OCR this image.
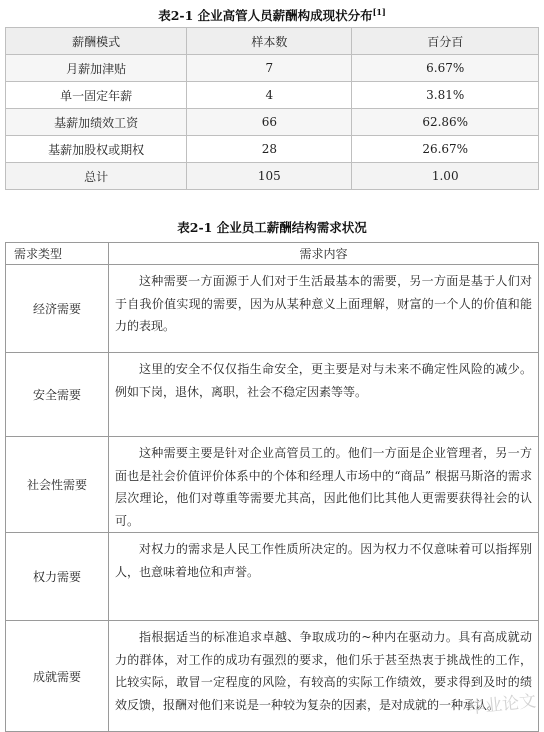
表2-1 企业高管人员薪酬构成现状分布[1]
薪酬模式	样本数	百分百
月薪加津贴	7	6.67%
单一固定年薪	4	3.81%
基薪加绩效工资	66	62.86%
基薪加股权或期权	28	26.67%
总计	105	1.00
表2-1 企业员工薪酬结构需求状况
需求类型	需求内容
经济需要	这种需要一方面源于人们对于生活最基本的需要，另一方面是基于人们对于自我价值实现的需要，因为从某种意义上面理解，财富的一个人的价值和能力的表现。

安全需要	这里的安全不仅仅指生命安全，更主要是对与未来不确定性风险的减少。例如下岗，退休，离职，社会不稳定因素等等。

社会性需要	这种需要主要是针对企业高管员工的。他们一方面是企业管理者，另一方面也是社会价值评价体系中的个体和经理人市场中的“商品” 根据马斯洛的需求层次理论，他们对尊重等需要尤其高，因此他们比其他人更需要获得社会的认可。

权力需要	对权力的需求是人民工作性质所决定的。因为权力不仅意味着可以指挥别人，也意味着地位和声誉。

成就需要	指根据适当的标准追求卓越、争取成功的~种内在驱动力。具有高成就动力的群体，对工作的成功有强烈的要求，他们乐于甚至热衷于挑战性的工作，比较实际，敢冒一定程度的风险，有较高的实际工作绩效，要求得到及时的绩效反馈，报酬对他们来说是一种较为复杂的因素，是对成就的一种承认。
毕业论文
